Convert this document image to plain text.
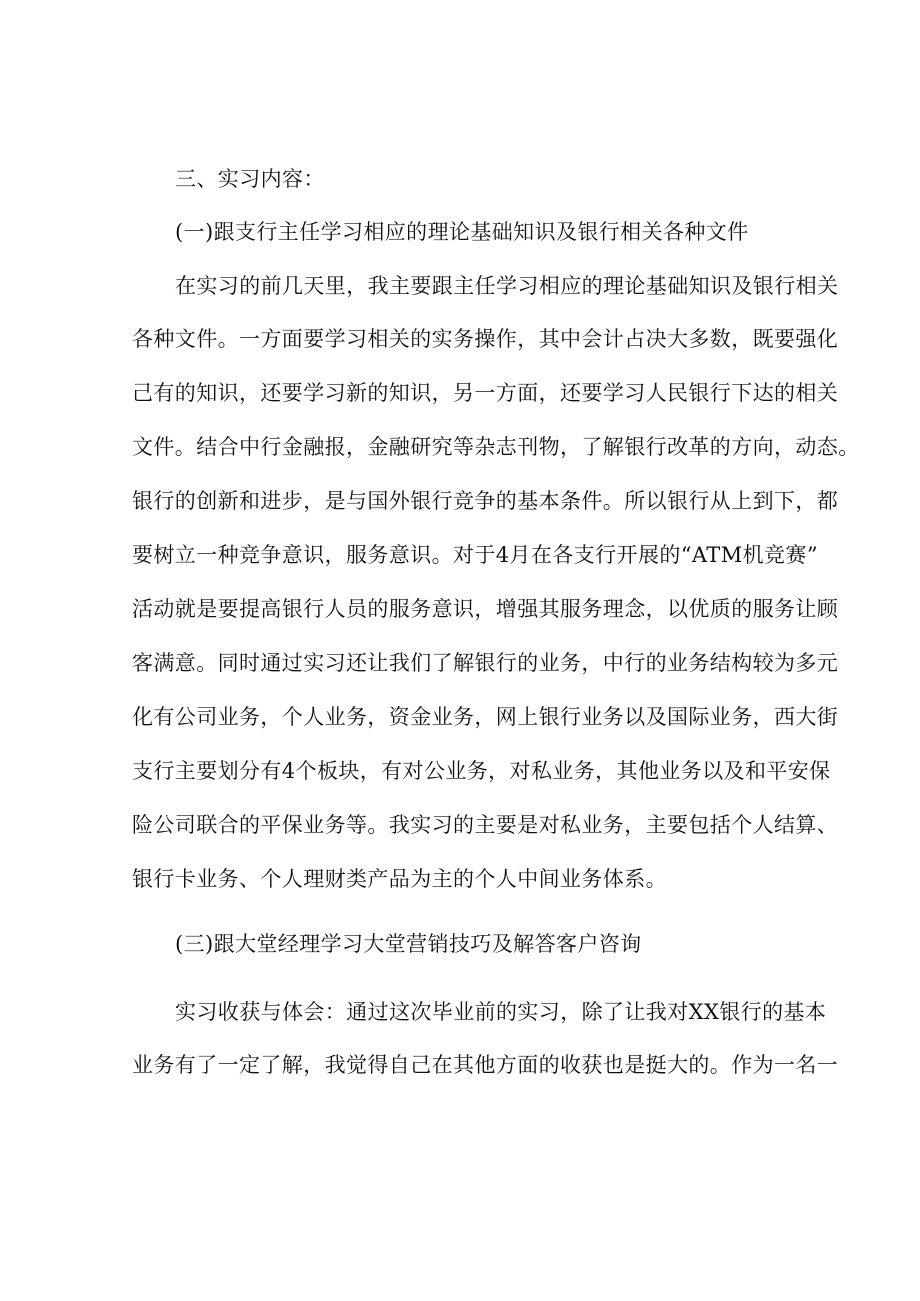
三、实习内容：
(一)跟支行主任学习相应的理论基础知识及银行相关各种文件
在实习的前几天里，我主要跟主任学习相应的理论基础知识及银行相关
各种文件。一方面要学习相关的实务操作，其中会计占决大多数，既要强化
己有的知识，还要学习新的知识，另一方面，还要学习人民银行下达的相关
文件。结合中行金融报，金融研究等杂志刊物，了解银行改革的方向，动态。
银行的创新和进步，是与国外银行竞争的基本条件。所以银行从上到下，都
要树立一种竞争意识，服务意识。对于4月在各支行开展的“ATM机竞赛”
活动就是要提高银行人员的服务意识，增强其服务理念，以优质的服务让顾
客满意。同时通过实习还让我们了解银行的业务，中行的业务结构较为多元
化有公司业务，个人业务，资金业务，网上银行业务以及国际业务，西大街
支行主要划分有4个板块，有对公业务，对私业务，其他业务以及和平安保
险公司联合的平保业务等。我实习的主要是对私业务，主要包括个人结算、
银行卡业务、个人理财类产品为主的个人中间业务体系。
(三)跟大堂经理学习大堂营销技巧及解答客户咨询
实习收获与体会：通过这次毕业前的实习，除了让我对XX银行的基本
业务有了一定了解，我觉得自己在其他方面的收获也是挺大的。作为一名一
